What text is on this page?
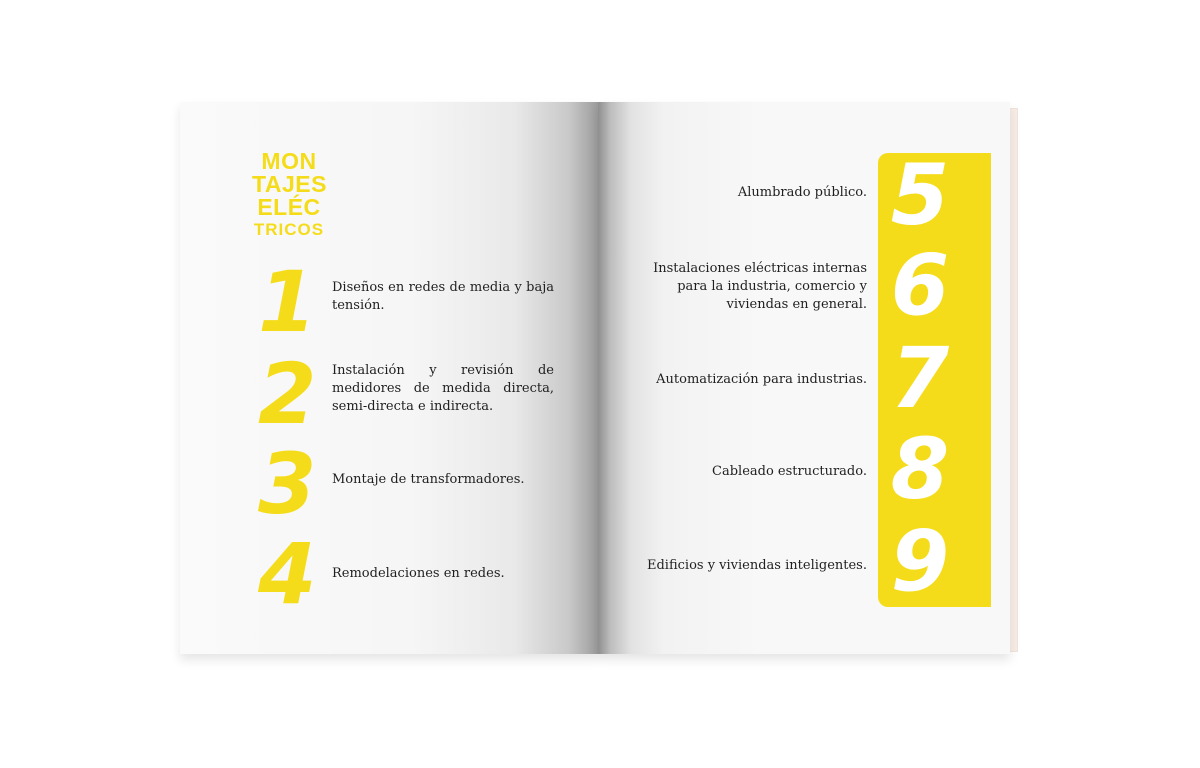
MON
TAJES
ELÉC
TRICOS
1 Diseños en redes de media y baja tensión.
2 Instalación y revisión de medidores de medida directa, semi-directa e indirecta.
3 Montaje de transformadores.
4 Remodelaciones en redes.
5
Alumbrado público.
6
Instalaciones eléctricas internas para la industria, comercio y viviendas en general.
7
Automatización para industrias.
8
Cableado estructurado.
9
Edificios y viviendas inteligentes.
